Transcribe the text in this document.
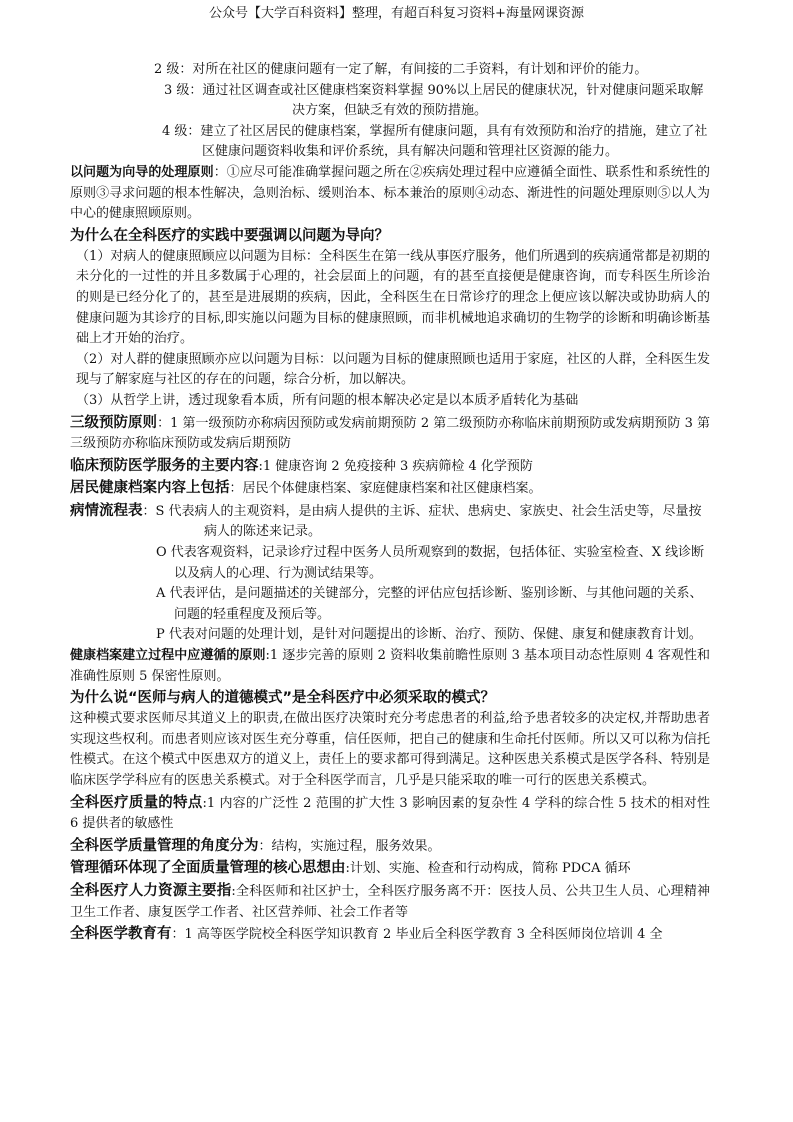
公众号【大学百科资料】整理，有超百科复习资料+海量网课资源

2 级：对所在社区的健康问题有一定了解，有间接的二手资料，有计划和评价的能力。

3 级：通过社区调查或社区健康档案资料掌握 90%以上居民的健康状况，针对健康问题采取解决方案，但缺乏有效的预防措施。

4 级：建立了社区居民的健康档案，掌握所有健康问题，具有有效预防和治疗的措施，建立了社区健康问题资料收集和评价系统，具有解决问题和管理社区资源的能力。

以问题为向导的处理原则：①应尽可能准确掌握问题之所在②疾病处理过程中应遵循全面性、联系性和系统性的原则③寻求问题的根本性解决，急则治标、缓则治本、标本兼治的原则④动态、渐进性的问题处理原则⑤以人为中心的健康照顾原则。

为什么在全科医疗的实践中要强调以问题为导向？

（1）对病人的健康照顾应以问题为目标：全科医生在第一线从事医疗服务，他们所遇到的疾病通常都是初期的未分化的一过性的并且多数属于心理的，社会层面上的问题，有的甚至直接便是健康咨询，而专科医生所诊治的则是已经分化了的，甚至是进展期的疾病，因此，全科医生在日常诊疗的理念上便应该以解决或协助病人的健康问题为其诊疗的目标,即实施以问题为目标的健康照顾，而非机械地追求确切的生物学的诊断和明确诊断基础上才开始的治疗。

（2）对人群的健康照顾亦应以问题为目标：以问题为目标的健康照顾也适用于家庭，社区的人群，全科医生发现与了解家庭与社区的存在的问题，综合分析，加以解决。

（3）从哲学上讲，透过现象看本质，所有问题的根本解决必定是以本质矛盾转化为基础

三级预防原则：1 第一级预防亦称病因预防或发病前期预防 2 第二级预防亦称临床前期预防或发病期预防 3 第三级预防亦称临床预防或发病后期预防

临床预防医学服务的主要内容:1 健康咨询 2 免疫接种 3 疾病筛检 4 化学预防

居民健康档案内容上包括：居民个体健康档案、家庭健康档案和社区健康档案。

病情流程表：S 代表病人的主观资料，是由病人提供的主诉、症状、患病史、家族史、社会生活史等，尽量按病人的陈述来记录。

O 代表客观资料，记录诊疗过程中医务人员所观察到的数据，包括体征、实验室检查、X 线诊断以及病人的心理、行为测试结果等。

A 代表评估，是问题描述的关键部分，完整的评估应包括诊断、鉴别诊断、与其他问题的关系、问题的轻重程度及预后等。

P 代表对问题的处理计划，是针对问题提出的诊断、治疗、预防、保健、康复和健康教育计划。

健康档案建立过程中应遵循的原则:1 逐步完善的原则 2 资料收集前瞻性原则 3 基本项目动态性原则 4 客观性和准确性原则 5 保密性原则。

为什么说“医师与病人的道德模式”是全科医疗中必须采取的模式？

这种模式要求医师尽其道义上的职责,在做出医疗决策时充分考虑患者的利益,给予患者较多的决定权,并帮助患者实现这些权利。而患者则应该对医生充分尊重，信任医师，把自己的健康和生命托付医师。所以又可以称为信托性模式。在这个模式中医患双方的道义上，责任上的要求都可得到满足。这种医患关系模式是医学各科、特别是临床医学学科应有的医患关系模式。对于全科医学而言，几乎是只能采取的唯一可行的医患关系模式。

全科医疗质量的特点:1 内容的广泛性 2 范围的扩大性 3 影响因素的复杂性 4 学科的综合性 5 技术的相对性 6 提供者的敏感性

全科医学质量管理的角度分为：结构，实施过程，服务效果。

管理循环体现了全面质量管理的核心思想由:计划、实施、检查和行动构成，简称 PDCA 循环

全科医疗人力资源主要指:全科医师和社区护士，全科医疗服务离不开：医技人员、公共卫生人员、心理精神卫生工作者、康复医学工作者、社区营养师、社会工作者等

全科医学教育有：1 高等医学院校全科医学知识教育 2 毕业后全科医学教育 3 全科医师岗位培训 4 全
